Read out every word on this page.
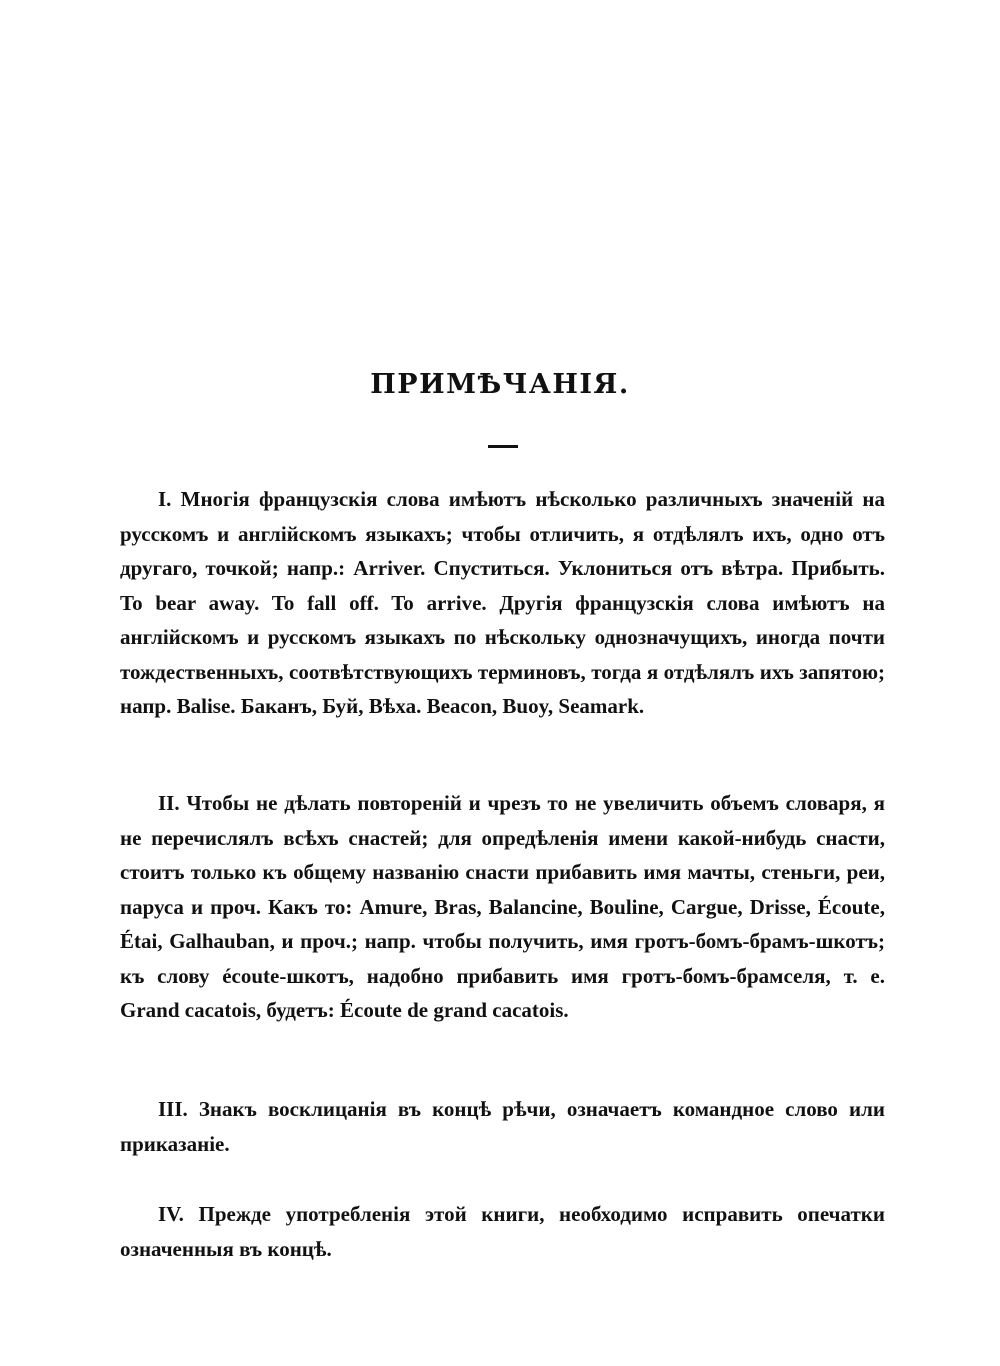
ПРИМѢЧАНІЯ.

I. Многія французскія слова имѣютъ нѣсколько различныхъ значеній на русскомъ и англійскомъ языкахъ; чтобы отличить, я отдѣлялъ ихъ, одно отъ другаго, точкой; напр.: Arriver. Спуститься. Уклониться отъ вѣтра. Прибыть. To bear away. To fall off. To arrive. Другія французскія слова имѣютъ на англійскомъ и русскомъ языкахъ по нѣскольку однозначущихъ, иногда почти тождественныхъ, соотвѣтствующихъ терминовъ, тогда я отдѣлялъ ихъ запятою; напр. Balise. Баканъ, Буй, Вѣха. Beacon, Buoy, Seamark.

II. Чтобы не дѣлать повтореній и чрезъ то не увеличить объемъ словаря, я не перечислялъ всѣхъ снастей; для опредѣленія имени какой-нибудь снасти, стоитъ только къ общему названію снасти прибавить имя мачты, стеньги, реи, паруса и проч. Какъ то: Amure, Bras, Balancine, Bouline, Cargue, Drisse, Écoute, Étai, Galhauban, и проч.; напр. чтобы получить, имя гротъ-бомъ-брамъ-шкотъ; къ слову écoute-шкотъ, надобно прибавить имя гротъ-бомъ-брамселя, т. е. Grand cacatois, будетъ: Écoute de grand cacatois.

III. Знакъ восклицанія въ концѣ рѣчи, означаетъ командное слово или приказаніе.

IV. Прежде употребленія этой книги, необходимо исправить опечатки означенныя въ концѣ.
